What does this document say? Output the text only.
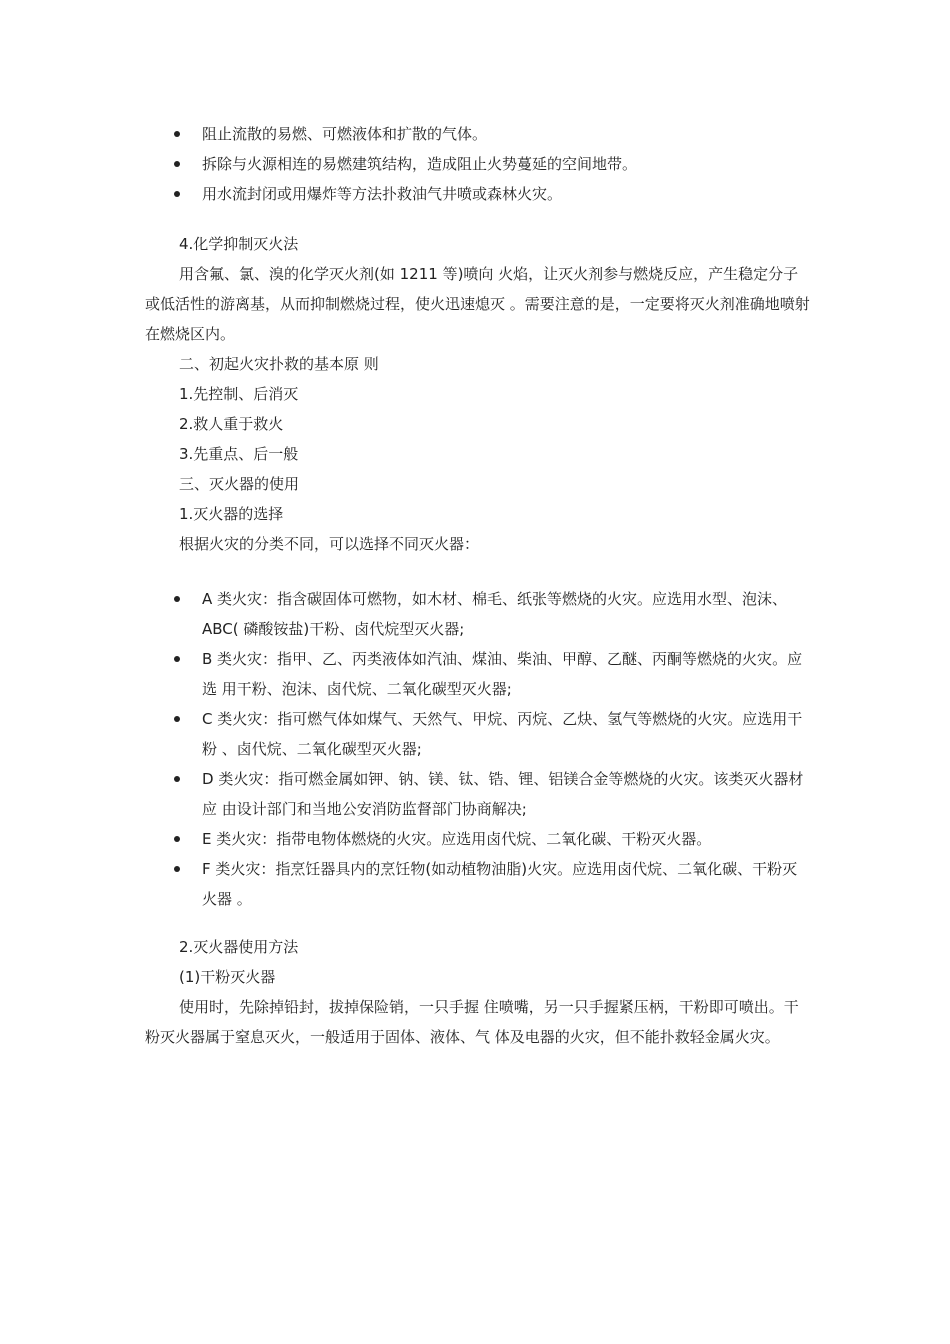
阻止流散的易燃、可燃液体和扩散的气体。
拆除与火源相连的易燃建筑结构，造成阻止火势蔓延的空间地带。
用水流封闭或用爆炸等方法扑救油气井喷或森林火灾。
4.化学抑制灭火法
用含氟、氯、溴的化学灭火剂(如 1211 等)喷向 火焰，让灭火剂参与燃烧反应，产生稳定分子或低活性的游离基，从而抑制燃烧过程，使火迅速熄灭 。需要注意的是，一定要将灭火剂准确地喷射在燃烧区内。
二、初起火灾扑救的基本原 则
1.先控制、后消灭
2.救人重于救火
3.先重点、后一般
三、灭火器的使用
1.灭火器的选择
根据火灾的分类不同，可以选择不同灭火器：
A 类火灾：指含碳固体可燃物，如木材、棉毛、纸张等燃烧的火灾。应选用水型、泡沫、ABC( 磷酸铵盐)干粉、卤代烷型灭火器;
B 类火灾：指甲、乙、丙类液体如汽油、煤油、柴油、甲醇、乙醚、丙酮等燃烧的火灾。应选 用干粉、泡沫、卤代烷、二氧化碳型灭火器;
C 类火灾：指可燃气体如煤气、天然气、甲烷、丙烷、乙炔、氢气等燃烧的火灾。应选用干粉 、卤代烷、二氧化碳型灭火器;
D 类火灾：指可燃金属如钾、钠、镁、钛、锆、锂、铝镁合金等燃烧的火灾。该类灭火器材应 由设计部门和当地公安消防监督部门协商解决;
E 类火灾：指带电物体燃烧的火灾。应选用卤代烷、二氧化碳、干粉灭火器。
F 类火灾：指烹饪器具内的烹饪物(如动植物油脂)火灾。应选用卤代烷、二氧化碳、干粉灭火器 。
2.灭火器使用方法
(1)干粉灭火器
使用时，先除掉铅封，拔掉保险销，一只手握 住喷嘴，另一只手握紧压柄，干粉即可喷出。干粉灭火器属于窒息灭火，一般适用于固体、液体、气 体及电器的火灾，但不能扑救轻金属火灾。
